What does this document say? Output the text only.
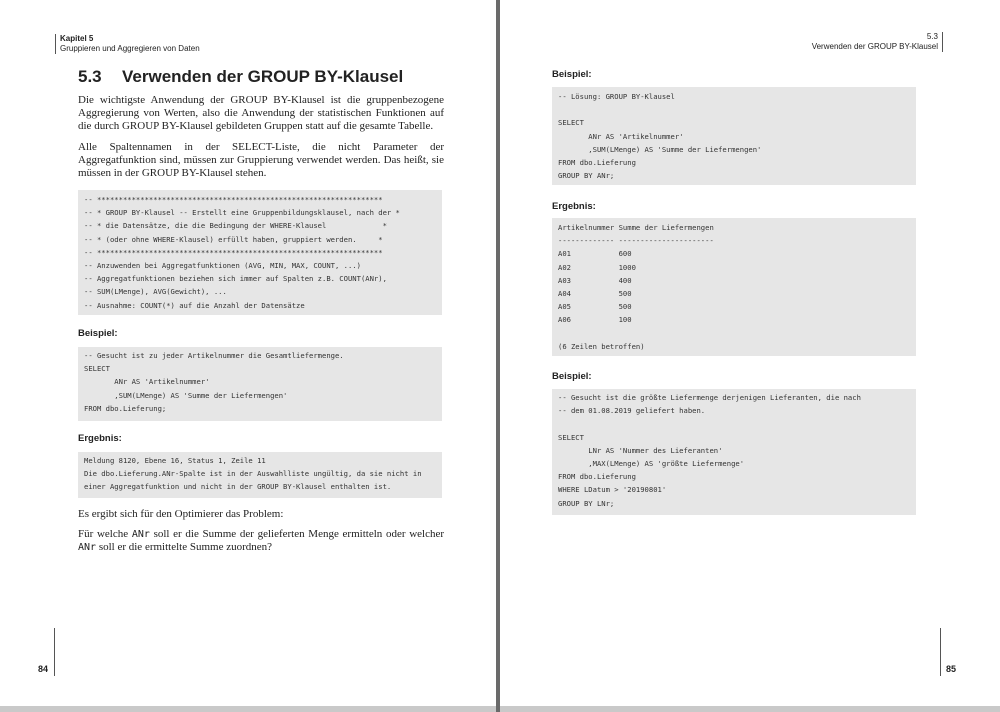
Kapitel 5
Gruppieren und Aggregieren von Daten
5.3 Verwenden der GROUP BY-Klausel

Die wichtigste Anwendung der GROUP BY-Klausel ist die gruppenbezogene Aggregierung von Werten, also die Anwendung der statistischen Funktionen auf die durch GROUP BY-Klausel gebildeten Gruppen statt auf die gesamte Tabelle.

Alle Spaltennamen in der SELECT-Liste, die nicht Parameter der Aggregatfunktion sind, müssen zur Gruppierung verwendet werden. Das heißt, sie müssen in der GROUP BY-Klausel stehen.

-- ******************************************************************
-- * GROUP BY-Klausel -- Erstellt eine Gruppenbildungsklausel, nach der *
-- * die Datensätze, die die Bedingung der WHERE-Klausel             *
-- * (oder ohne WHERE-Klausel) erfüllt haben, gruppiert werden.     *
-- ******************************************************************
-- Anzuwenden bei Aggregatfunktionen (AVG, MIN, MAX, COUNT, ...)
-- Aggregatfunktionen beziehen sich immer auf Spalten z.B. COUNT(ANr),
-- SUM(LMenge), AVG(Gewicht), ...
-- Ausnahme: COUNT(*) auf die Anzahl der Datensätze
Beispiel:
-- Gesucht ist zu jeder Artikelnummer die Gesamtliefermenge.
SELECT
ANr AS 'Artikelnummer'
,SUM(LMenge) AS 'Summe der Liefermengen'
FROM dbo.Lieferung;
Ergebnis:
Meldung 8120, Ebene 16, Status 1, Zeile 11
Die dbo.Lieferung.ANr-Spalte ist in der Auswahlliste ungültig, da sie nicht in
einer Aggregatfunktion und nicht in der GROUP BY-Klausel enthalten ist.

Es ergibt sich für den Optimierer das Problem:

Für welche ANr soll er die Summe der gelieferten Menge ermitteln oder welcher ANr soll er die ermittelte Summe zuordnen?

84
5.3
Verwenden der GROUP BY-Klausel
Beispiel:
-- Lösung: GROUP BY-Klausel

SELECT
ANr AS 'Artikelnummer'
,SUM(LMenge) AS 'Summe der Liefermengen'
FROM dbo.Lieferung
GROUP BY ANr;
Ergebnis:
Artikelnummer Summe der Liefermengen
------------- ----------------------
A01           600
A02           1000
A03           400
A04           500
A05           500
A06           100

(6 Zeilen betroffen)
Beispiel:
-- Gesucht ist die größte Liefermenge derjenigen Lieferanten, die nach
-- dem 01.08.2019 geliefert haben.

SELECT
LNr AS 'Nummer des Lieferanten'
,MAX(LMenge) AS 'größte Liefermenge'
FROM dbo.Lieferung
WHERE LDatum > '20190801'
GROUP BY LNr;
85
